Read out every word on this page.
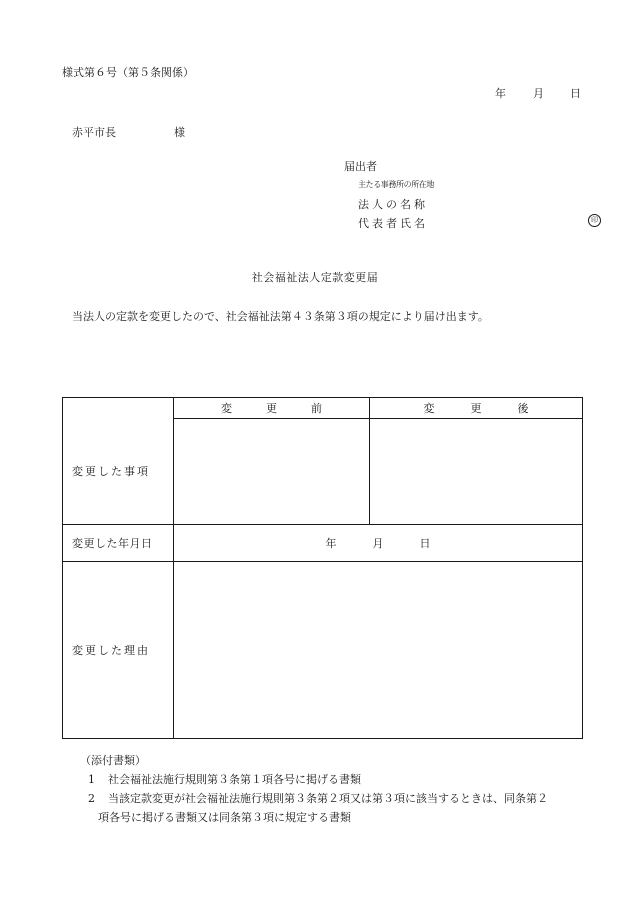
様式第６号（第５条関係）
年 月 日
赤平市長	様
届出者
主たる事務所の所在地
法人の名称
代表者氏名	印
社会福祉法人定款変更届
当法人の定款を変更したので、社会福祉法第４３条第３項の規定により届け出ます。
	変 更 前	変 更 後
変更した事項		
変更した年月日	年 月 日	
変更した理由		
（添付書類）
1 社会福祉法施行規則第３条第１項各号に掲げる書類
2 当該定款変更が社会福祉法施行規則第３条第２項又は第３項に該当するときは、同条第２
項各号に掲げる書類又は同条第３項に規定する書類
